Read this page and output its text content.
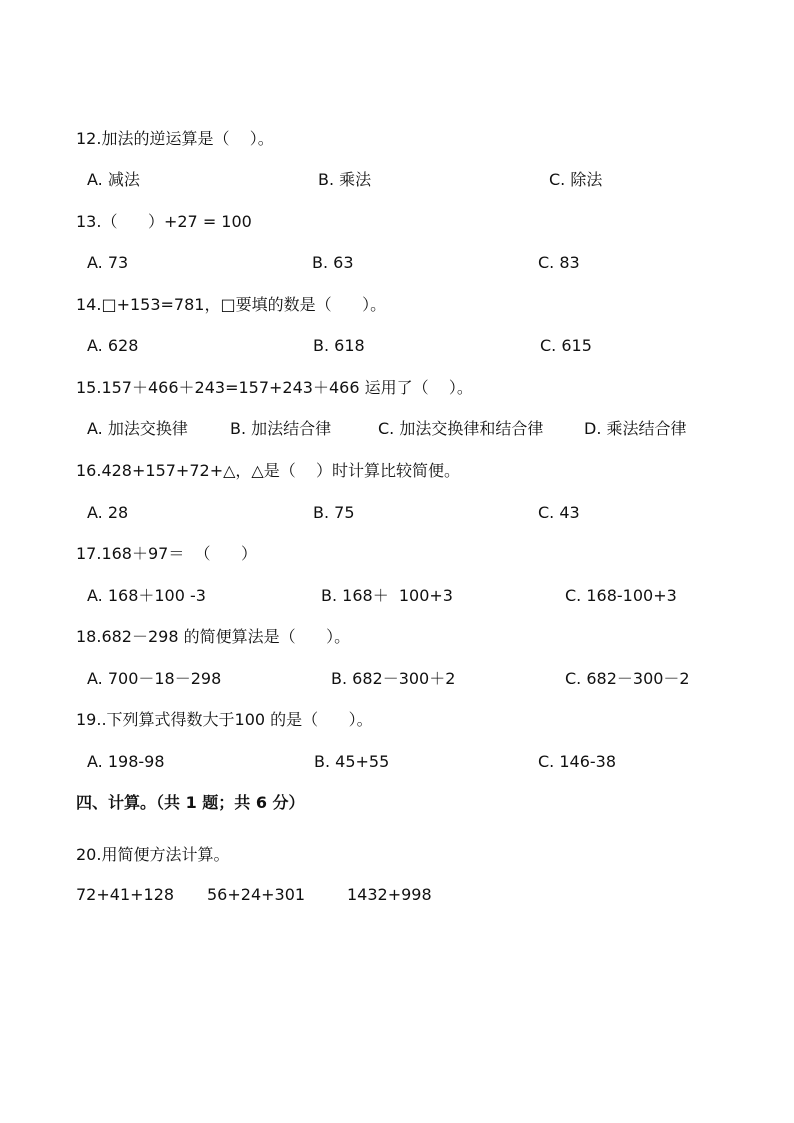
12.加法的逆运算是（    ）。
A. 减法	B. 乘法	C. 除法
13.（      ）+27 = 100
A. 73	B. 63	C. 83
14.□+153=781，□要填的数是（      ）。
A. 628	B. 618	C. 615
15.157＋466＋243=157+243＋466 运用了（    ）。
A. 加法交换律	B. 加法结合律	C. 加法交换律和结合律	D. 乘法结合律
16.428+157+72+△，△是（    ）时计算比较简便。
A. 28	B. 75	C. 43
17.168＋97＝  （      ）
A. 168＋100 -3	B. 168＋  100+3	C. 168-100+3
18.682－298 的简便算法是（      ）。
A. 700－18－298	B. 682－300＋2	C. 682－300－2
19..下列算式得数大于100 的是（      ）。
A. 198-98	B. 45+55	C. 146-38
四、计算。（共 1 题；共 6 分）
20.用简便方法计算。
72+41+128 56+24+301	1432+998
